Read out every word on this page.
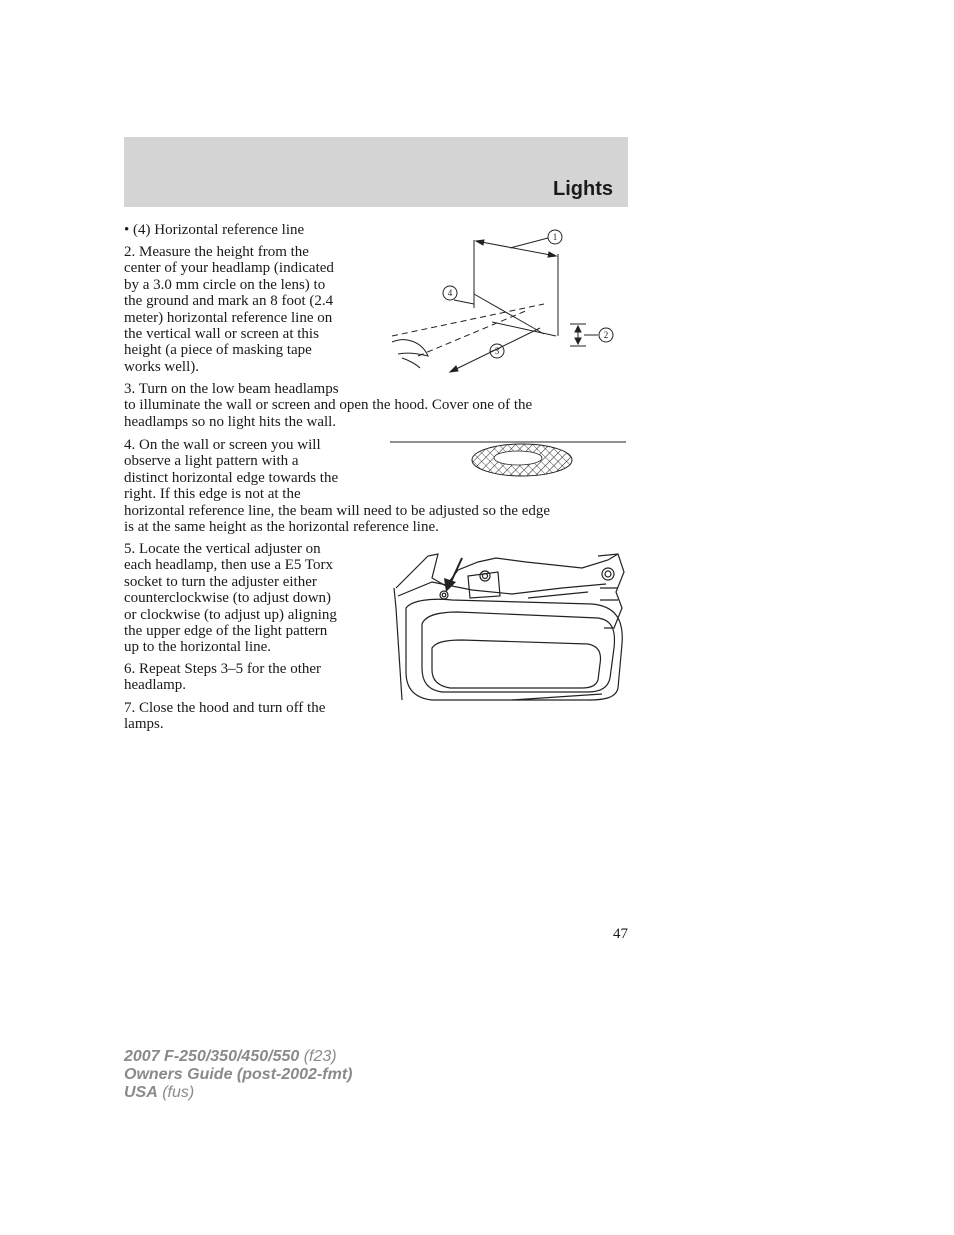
Lights

• (4) Horizontal reference line

2. Measure the height from the
center of your headlamp (indicated
by a 3.0 mm circle on the lens) to
the ground and mark an 8 foot (2.4
meter) horizontal reference line on
the vertical wall or screen at this
height (a piece of masking tape
works well).

3. Turn on the low beam headlamps
to illuminate the wall or screen and open the hood. Cover one of the
headlamps so no light hits the wall.

4. On the wall or screen you will
observe a light pattern with a
distinct horizontal edge towards the
right. If this edge is not at the
horizontal reference line, the beam will need to be adjusted so the edge
is at the same height as the horizontal reference line.

5. Locate the vertical adjuster on
each headlamp, then use a E5 Torx
socket to turn the adjuster either
counterclockwise (to adjust down)
or clockwise (to adjust up) aligning
the upper edge of the light pattern
up to the horizontal line.

6. Repeat Steps 3–5 for the other
headlamp.

7. Close the hood and turn off the
lamps.

1
2
3
4
47
2007 F-250/350/450/550 (f23)
Owners Guide (post-2002-fmt)
USA (fus)
